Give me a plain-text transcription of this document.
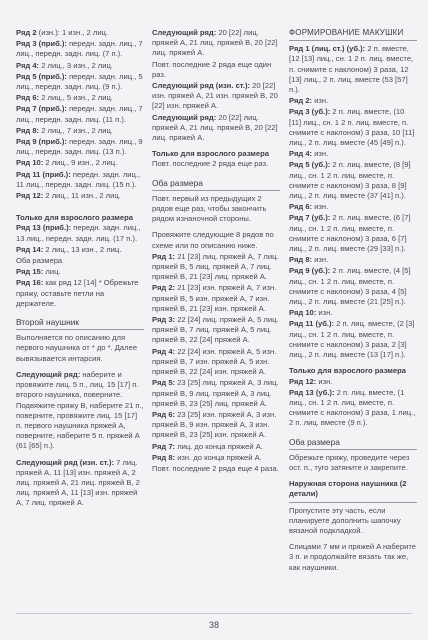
Ряд 2 (изн.): 1 изн., 2 лиц.
Ряд 3 (приб.): передн. задн. лиц., 7 лиц., передн. задн. лиц. (7 п.).
Ряд 4: 2 лиц., 3 изн., 2 лиц.
Ряд 5 (приб.): передн. задн. лиц., 5 лиц., передн. задн. лиц. (9 п.).
Ряд 6: 2 лиц., 5 изн., 2 лиц.
Ряд 7 (приб.): передн. задн. лиц., 7 лиц., передн. задн. лиц. (11 п.).
Ряд 8: 2 лиц., 7 изн., 2 лиц.
Ряд 9 (приб.): передн. задн. лиц., 9 лиц., передн. задн. лиц. (13 п.).
Ряд 10: 2 лиц., 9 изн., 2 лиц.
Ряд 11 (приб.): передн. задн. лиц., 11 лиц., передн. задн. лиц. (15 п.).
Ряд 12: 2 лиц., 11 изн., 2 лиц.
Только для взрослого размера
Ряд 13 (приб.): передн. задн. лиц., 13 лиц., передн. задн. лиц. (17 п.).
Ряд 14: 2 лиц., 13 изн., 2 лиц.
Оба размера
Ряд 15: лиц.
Ряд 16: как ряд 12 [14] * Обрежьте пряжу, оставьте петли на держателе.
Второй наушник
Выполняется по описанию для первого наушника от * до *. Далее вывязывается интарсия.
Следующий ряд: наберите и провяжите лиц. 5 п., лиц. 15 [17] п. второго наушника, поверните. Подвяжите пряжу B, наберите 21 п., поверните, провяжите лиц. 15 [17] п. первого наушника пряжей A, поверните, наберите 5 п. пряжей A (61 [65] п.).
Следующий ряд (изн. ст.): 7 лиц. пряжей A, 11 [13] изн. пряжей A, 2 лиц. пряжей A, 21 лиц. пряжей B, 2 лиц. пряжей A, 11 [13] изн. пряжей A, 7 лиц. пряжей A.
Следующий ряд: 20 [22] лиц. пряжей A, 21 лиц. пряжей B, 20 [22] лиц. пряжей A.
Повт. последние 2 ряда еще один раз.
Следующий ряд (изн. ст.): 20 [22] изн. пряжей A, 21 изн. пряжей B, 20 [22] изн. пряжей A.
Следующий ряд: 20 [22] лиц. пряжей A, 21 лиц. пряжей B, 20 [22] лиц. пряжей A.
Только для взрослого размера
Повт. последние 2 ряда еще раз.
Оба размера
Повт. первый из предыдущих 2 рядов еще раз, чтобы закончить рядом изнаночной стороны.
Провяжите следующие 8 рядов по схеме или по описанию ниже.
Ряд 1: 21 [23] лиц. пряжей A, 7 лиц. пряжей B, 5 лиц. пряжей A, 7 лиц. пряжей B, 21 [23] лиц. пряжей A.
Ряд 2: 21 [23] изн. пряжей A, 7 изн. пряжей B, 5 изн. пряжей A, 7 изн. пряжей B, 21 [23] изн. пряжей A.
Ряд 3: 22 [24] лиц. пряжей A, 5 лиц. пряжей B, 7 лиц. пряжей A, 5 лиц. пряжей B, 22 [24] пряжей A.
Ряд 4: 22 [24] изн. пряжей A, 5 изн. пряжей B, 7 изн. пряжей A, 5 изн. пряжей B, 22 [24] изн. пряжей A.
Ряд 5: 23 [25] лиц. пряжей A, 3 лиц. пряжей B, 9 лиц. пряжей A, 3 лиц. пряжей B, 23 [25] лиц. пряжей A.
Ряд 6: 23 [25] изн. пряжей A, 3 изн. пряжей B, 9 изн. пряжей A, 3 изн. пряжей B, 23 [25] изн. пряжей A.
Ряд 7: лиц. до конца пряжей A.
Ряд 8: изн. до конца пряжей A.
Повт. последние 2 ряда еще 4 раза.
ФОРМИРОВАНИЕ МАКУШКИ
Ряд 1 (лиц. ст.) (уб.): 2 п. вместе, [12 [13] лиц., сн. 1 2 п. лиц. вместе, п. снимите с наклоном) 3 раза, 12 [13] лиц., 2 п. лиц. вместе (53 [57] п.).
Ряд 2: изн.
Ряд 3 (уб.): 2 п. лиц. вместе, (10 [11] лиц., сн. 1 2 п. лиц. вместе, п. снимите с наклоном) 3 раза, 10 [11] лиц., 2 п. лиц. вместе (45 [49] п.).
Ряд 4: изн.
Ряд 5 (уб.): 2 п. лиц. вместе, (8 [9] лиц., сн. 1 2 п. лиц. вместе, п. снимите с наклоном) 3 раза, 8 [9] лиц., 2 п. лиц. вместе (37 [41] п.).
Ряд 6: изн.
Ряд 7 (уб.): 2 п. лиц. вместе, (6 [7] лиц., сн. 1 2 п. лиц. вместе, п. снимите с наклоном) 3 раза, 6 [7] лиц., 2 п. лиц. вместе (29 [33] п.).
Ряд 8: изн.
Ряд 9 (уб.): 2 п. лиц. вместе, (4 [5] лиц., сн. 1 2 п. лиц. вместе, п. снимите с наклоном) 3 раза, 4 [5] лиц., 2 п. лиц. вместе (21 [25] п.).
Ряд 10: изн.
Ряд 11 (уб.): 2 п. лиц. вместе, (2 [3] лиц., сн. 1 2 п. лиц. вместе, п. снимите с наклоном) 3 раза, 2 [3] лиц., 2 п. лиц. вместе (13 [17] п.).
Только для взрослого размера
Ряд 12: изн.
Ряд 13 (уб.): 2 п. лиц. вместе, (1 лиц., сн. 1 2 п. лиц. вместе, п. снимите с наклоном) 3 раза, 1 лиц., 2 п. лиц. вместе (9 п.).
Оба размера
Обрежьте пряжу, проведите через ост. п., туго затяните и закрепите.
Наружная сторона наушника (2 детали)
Пропустите эту часть, если планируете дополнить шапочку вязаной подкладкой.
Спицами 7 мм и пряжей A наберите 3 п. и продолжайте вязать так же, как наушники.
38
